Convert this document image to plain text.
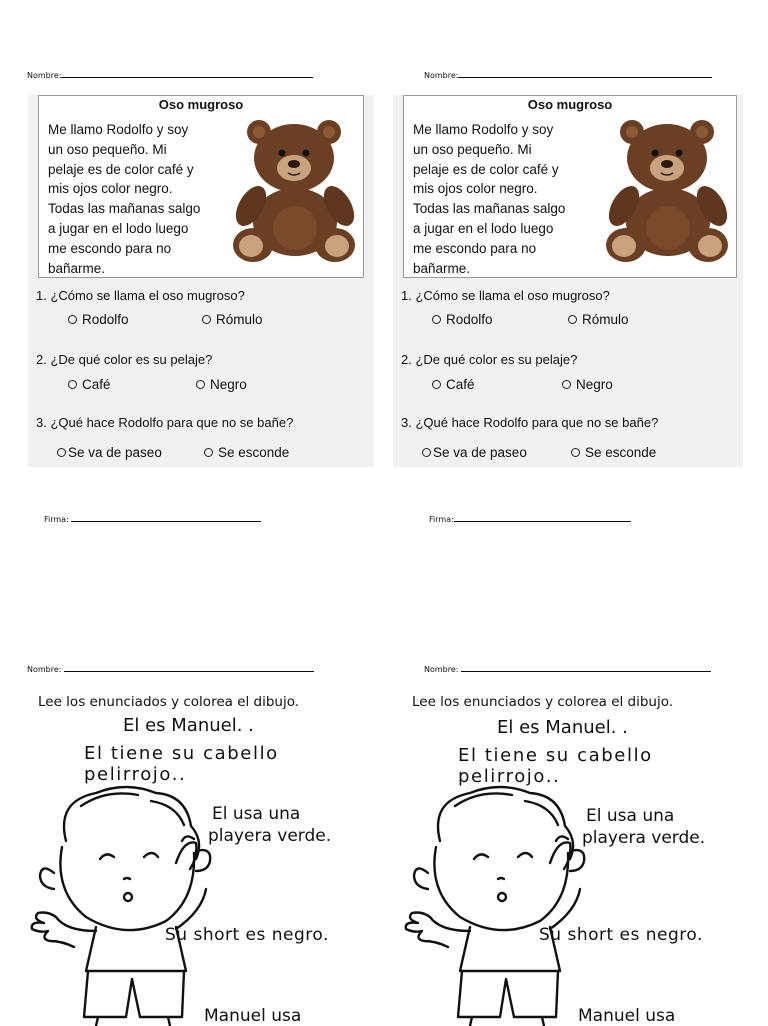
Nombre:	Nombre:
Oso mugroso

Me llamo Rodolfo y soy
un oso pequeño. Mi
pelaje es de color café y
mis ojos color negro.
Todas las mañanas salgo
a jugar en el lodo luego
me escondo para no
bañarme.

1. ¿Cómo se llama el oso mugroso?
Rodolfo	Rómulo
2. ¿De qué color es su pelaje?
Café	Negro
3. ¿Qué hace Rodolfo para que no se bañe?
Se va de paseo	Se esconde
Oso mugroso

Me llamo Rodolfo y soy
un oso pequeño. Mi
pelaje es de color café y
mis ojos color negro.
Todas las mañanas salgo
a jugar en el lodo luego
me escondo para no
bañarme.

1. ¿Cómo se llama el oso mugroso?
Rodolfo	Rómulo
2. ¿De qué color es su pelaje?
Café	Negro
3. ¿Qué hace Rodolfo para que no se bañe?
Se va de paseo	Se esconde
Firma:	Firma:
Nombre:	Nombre:
Lee los enunciados y colorea el dibujo.
El es Manuel. .
El tiene su cabello
pelirrojo..
El usa una
playera verde.
Su short es negro.
Manuel usa
Lee los enunciados y colorea el dibujo.
El es Manuel. .
El tiene su cabello
pelirrojo..
El usa una
playera verde.
Su short es negro.
Manuel usa
